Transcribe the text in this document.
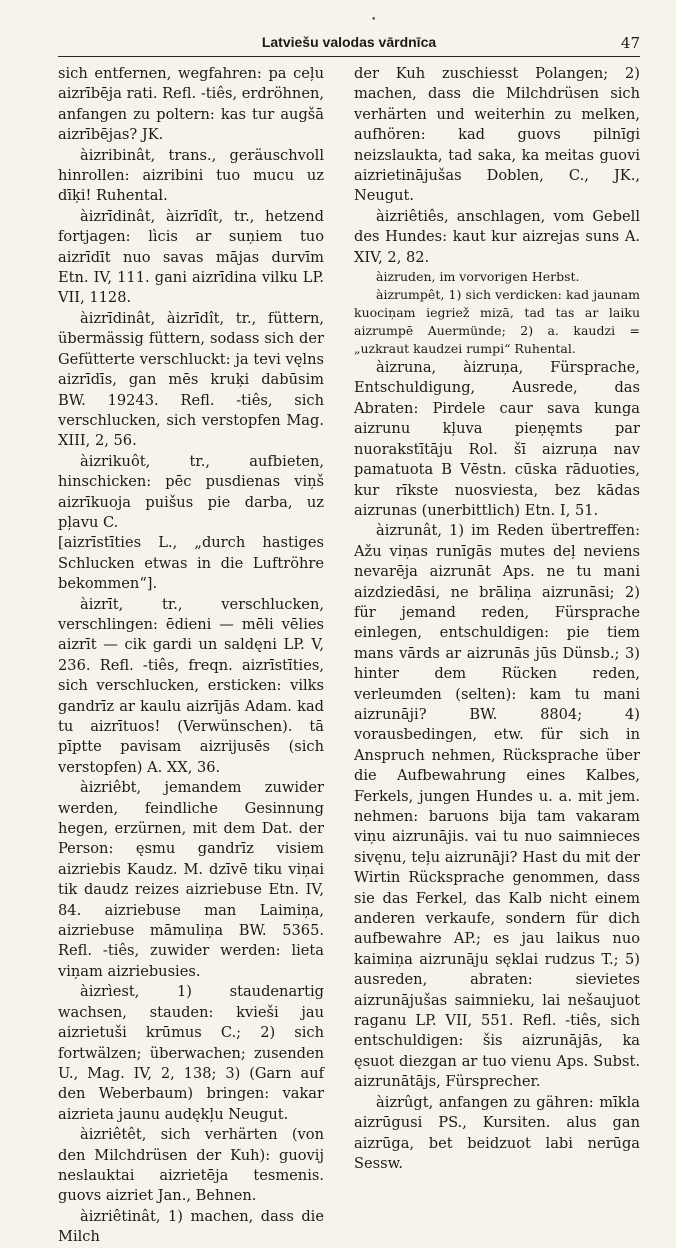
•
Latviešu valodas vārdnīca	47

sich entfernen, wegfahren: pa ceļu aizrībēja rati. Refl. -tiês, erdröhnen, anfangen zu poltern: kas tur augšā aizrībējas? JK.

àizribinât, trans., geräuschvoll hinrollen: aizribini tuo mucu uz dīķi! Ruhental.

àizrīdinât, àizrīdît, tr., hetzend fortjagen: lìcis ar suņiem tuo aizrīdīt nuo savas mājas durvīm Etn. IV, 111. gani aizrīdina vilku LP. VII, 1128.

àizrīdinât, àizrīdît, tr., füttern, übermässig füttern, sodass sich der Gefütterte verschluckt: ja tevi vęlns aizrīdīs, gan mēs kruķi dabūsim BW. 19243. Refl. -tiês, sich verschlucken, sich verstopfen Mag. XIII, 2, 56.

àizrikuôt, tr., aufbieten, hinschicken: pēc pusdienas viņš aizrīkuoja puišus pie darba, uz pļavu C.

[aizrīstīties L., „durch hastiges Schlucken etwas in die Luftröhre bekommen“].

àizrīt, tr., verschlucken, verschlingen: ēdieni — mēli vēlies aizrīt — cik gardi un saldęni LP. V, 236. Refl. -tiês, freqn. aizrīstīties, sich verschlucken, ersticken: vilks gandrīz ar kaulu aizrījās Adam. kad tu aizrītuos! (Verwünschen). tā pīptte pavisam aizrijusēs (sich verstopfen) A. XX, 36.

àizriêbt, jemandem zuwider werden, feindliche Gesinnung hegen, erzürnen, mit dem Dat. der Person: ęsmu gandrīz visiem aizriebis Kaudz. M. dzīvē tiku viņai tik daudz reizes aizriebuse Etn. IV, 84. aizriebuse man Laimiņa, aizriebuse māmuliņa BW. 5365. Refl. -tiês, zuwider werden: lieta viņam aizriebusies.

àizrìest, 1) staudenartig wachsen, stauden: kvieši jau aizrietuši krūmus C.; 2) sich fortwälzen; überwachen; zusenden U., Mag. IV, 2, 138; 3) (Garn auf den Weberbaum) bringen: vakar aizrieta jaunu audękļu Neugut.

àizriêtêt, sich verhärten (von den Milchdrüsen der Kuh): guovij neslauktai aizrietēja tesmenis. guovs aizriet Jan., Behnen.

àizriêtinât, 1) machen, dass die Milch

der Kuh zuschiesst Polangen; 2) machen, dass die Milchdrüsen sich verhärten und weiterhin zu melken, aufhören: kad guovs pilnīgi neizslaukta, tad saka, ka meitas guovi aizrietinājušas Doblen, C., JK., Neugut.

àizriêtiês, anschlagen, vom Gebell des Hundes: kaut kur aizrejas suns A. XIV, 2, 82.

àizruden, im vorvorigen Herbst.

àizrumpêt, 1) sich verdicken: kad jaunam kuociņam iegriež mizā, tad tas ar laiku aizrumpē Auermünde; 2) a. kaudzi = „uzkraut kaudzei rumpi“ Ruhental.

àizruna, àizruņa, Fürsprache, Entschuldigung, Ausrede, das Abraten: Pirdele caur sava kunga aizrunu kļuva pieņęmts par nuorakstītāju Rol. šī aizruņa nav pamatuota B Vēstn. cūska rāduoties, kur rīkste nuosviesta, bez kādas aizrunas (unerbittlich) Etn. I, 51.

àizrunât, 1) im Reden übertreffen: Ažu viņas runīgās mutes deļ neviens nevarēja aizrunāt Aps. ne tu mani aizdziedāsi, ne brāliņa aizrunāsi; 2) für jemand reden, Fürsprache einlegen, entschuldigen: pie tiem mans vārds ar aizrunās jūs Dünsb.; 3) hinter dem Rücken reden, verleumden (selten): kam tu mani aizrunāji? BW. 8804; 4) vorausbedingen, etw. für sich in Anspruch nehmen, Rücksprache über die Aufbewahrung eines Kalbes, Ferkels, jungen Hundes u. a. mit jem. nehmen: baruons bija tam vakaram viņu aizrunājis. vai tu nuo saimnieces sivęnu, teļu aizrunāji? Hast du mit der Wirtin Rücksprache genommen, dass sie das Ferkel, das Kalb nicht einem anderen verkaufe, sondern für dich aufbewahre AP.; es jau laikus nuo kaimiņa aizrunāju sęklai rudzus T.; 5) ausreden, abraten: sievietes aizrunājušas saimnieku, lai nešaujuot raganu LP. VII, 551. Refl. -tiês, sich entschuldigen: šis aizrunājās, ka ęsuot diezgan ar tuo vienu Aps. Subst. aizrunātājs, Fürsprecher.

àizrûgt, anfangen zu gähren: mīkla aizrūgusi PS., Kursiten. alus gan aizrūga, bet beidzuot labi nerūga Sessw.
